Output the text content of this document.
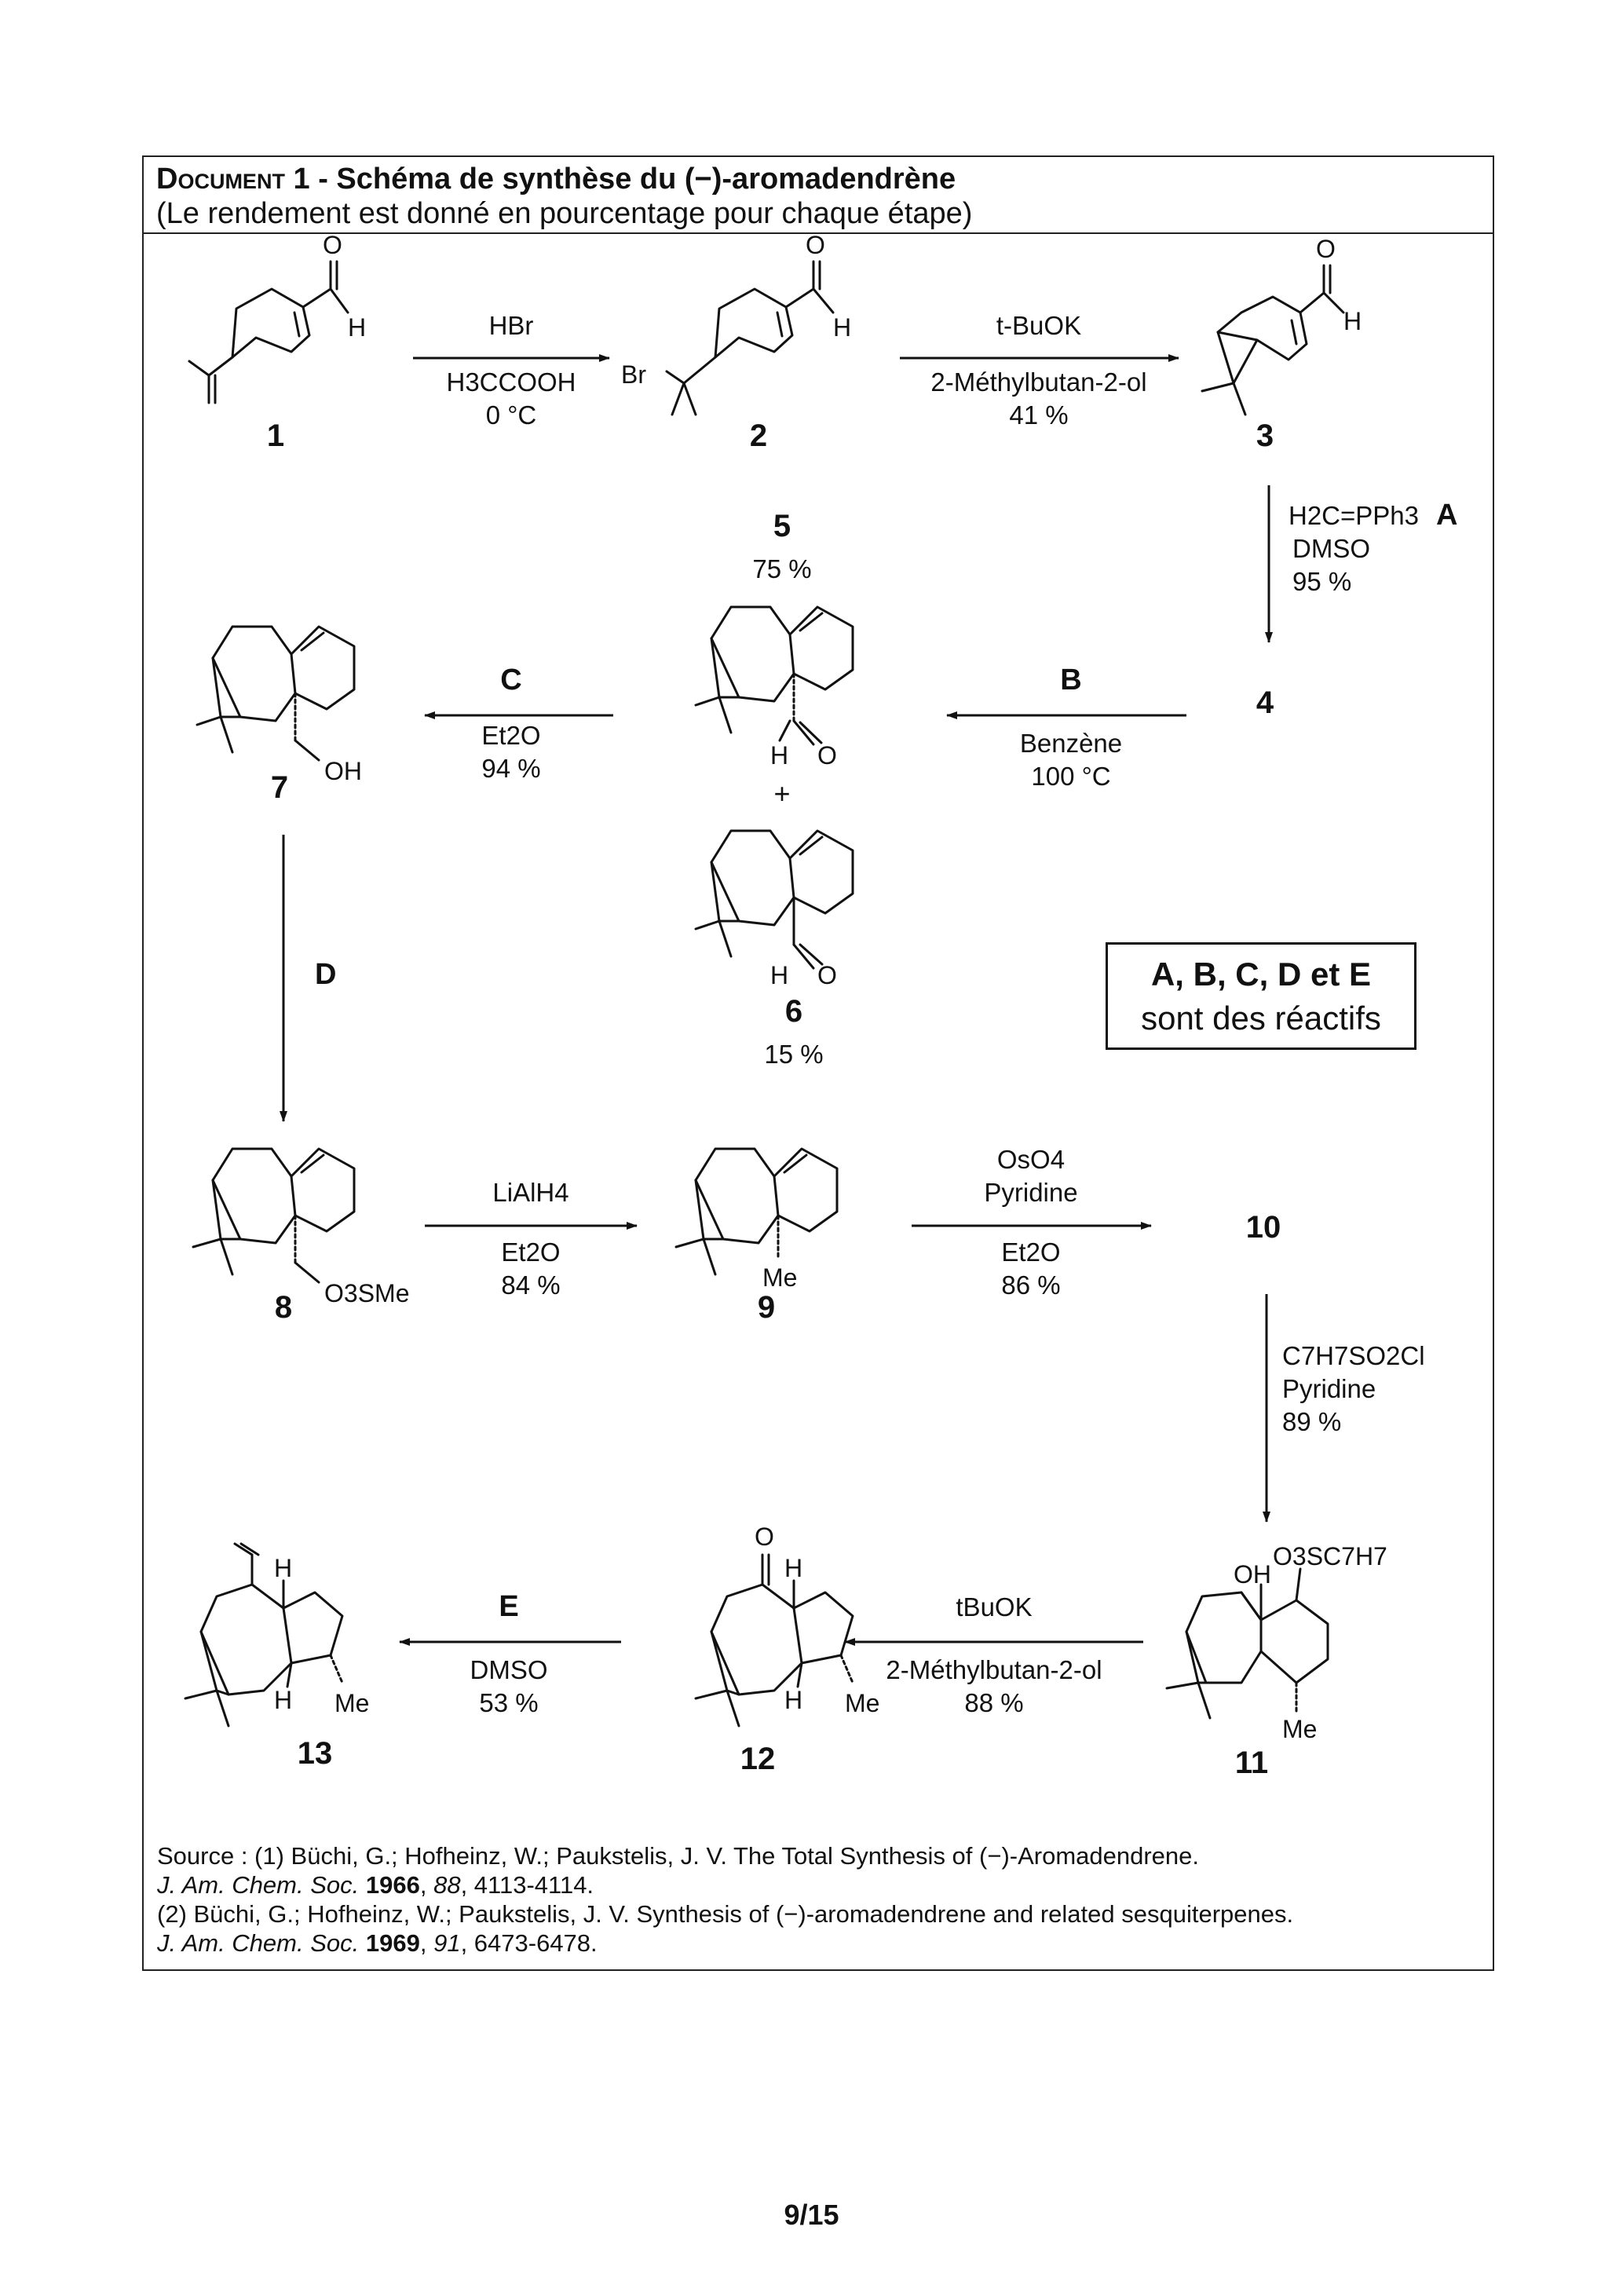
Document 1 - Schéma de synthèse du (−)-aromadendrène
(Le rendement est donné en pourcentage pour chaque étape)
O
H
1
HBr
H3CCOOH
0 °C
O
H
Br
2
t-BuOK
2-Méthylbutan-2-ol
41 %
O
H
3
H2C=PPh3 A
DMSO
95 %
4
B
Benzène
100 °C
5
75 %
H O
+
H O
6
15 %
C
Et2O
94 %
OH
7
D
O3SMe
8
LiAlH4
Et2O
84 %	Me
9
OsO4
Pyridine
Et2O
86 %
10
C7H7SO2Cl
Pyridine
89 %
OH
O3SC7H7
Me
11
tBuOK
2-Méthylbutan-2-ol
88 %
O
H
H Me
12
E
DMSO
53 %
H
H Me
13
A, B, C, D et E
sont des réactifs
Source : (1) Büchi, G.; Hofheinz, W.; Paukstelis, J. V. The Total Synthesis of (−)-Aromadendrene.
J. Am. Chem. Soc. 1966, 88, 4113-4114.
(2) Büchi, G.; Hofheinz, W.; Paukstelis, J. V. Synthesis of (−)-aromadendrene and related sesquiterpenes.
J. Am. Chem. Soc. 1969, 91, 6473-6478.
9/15
